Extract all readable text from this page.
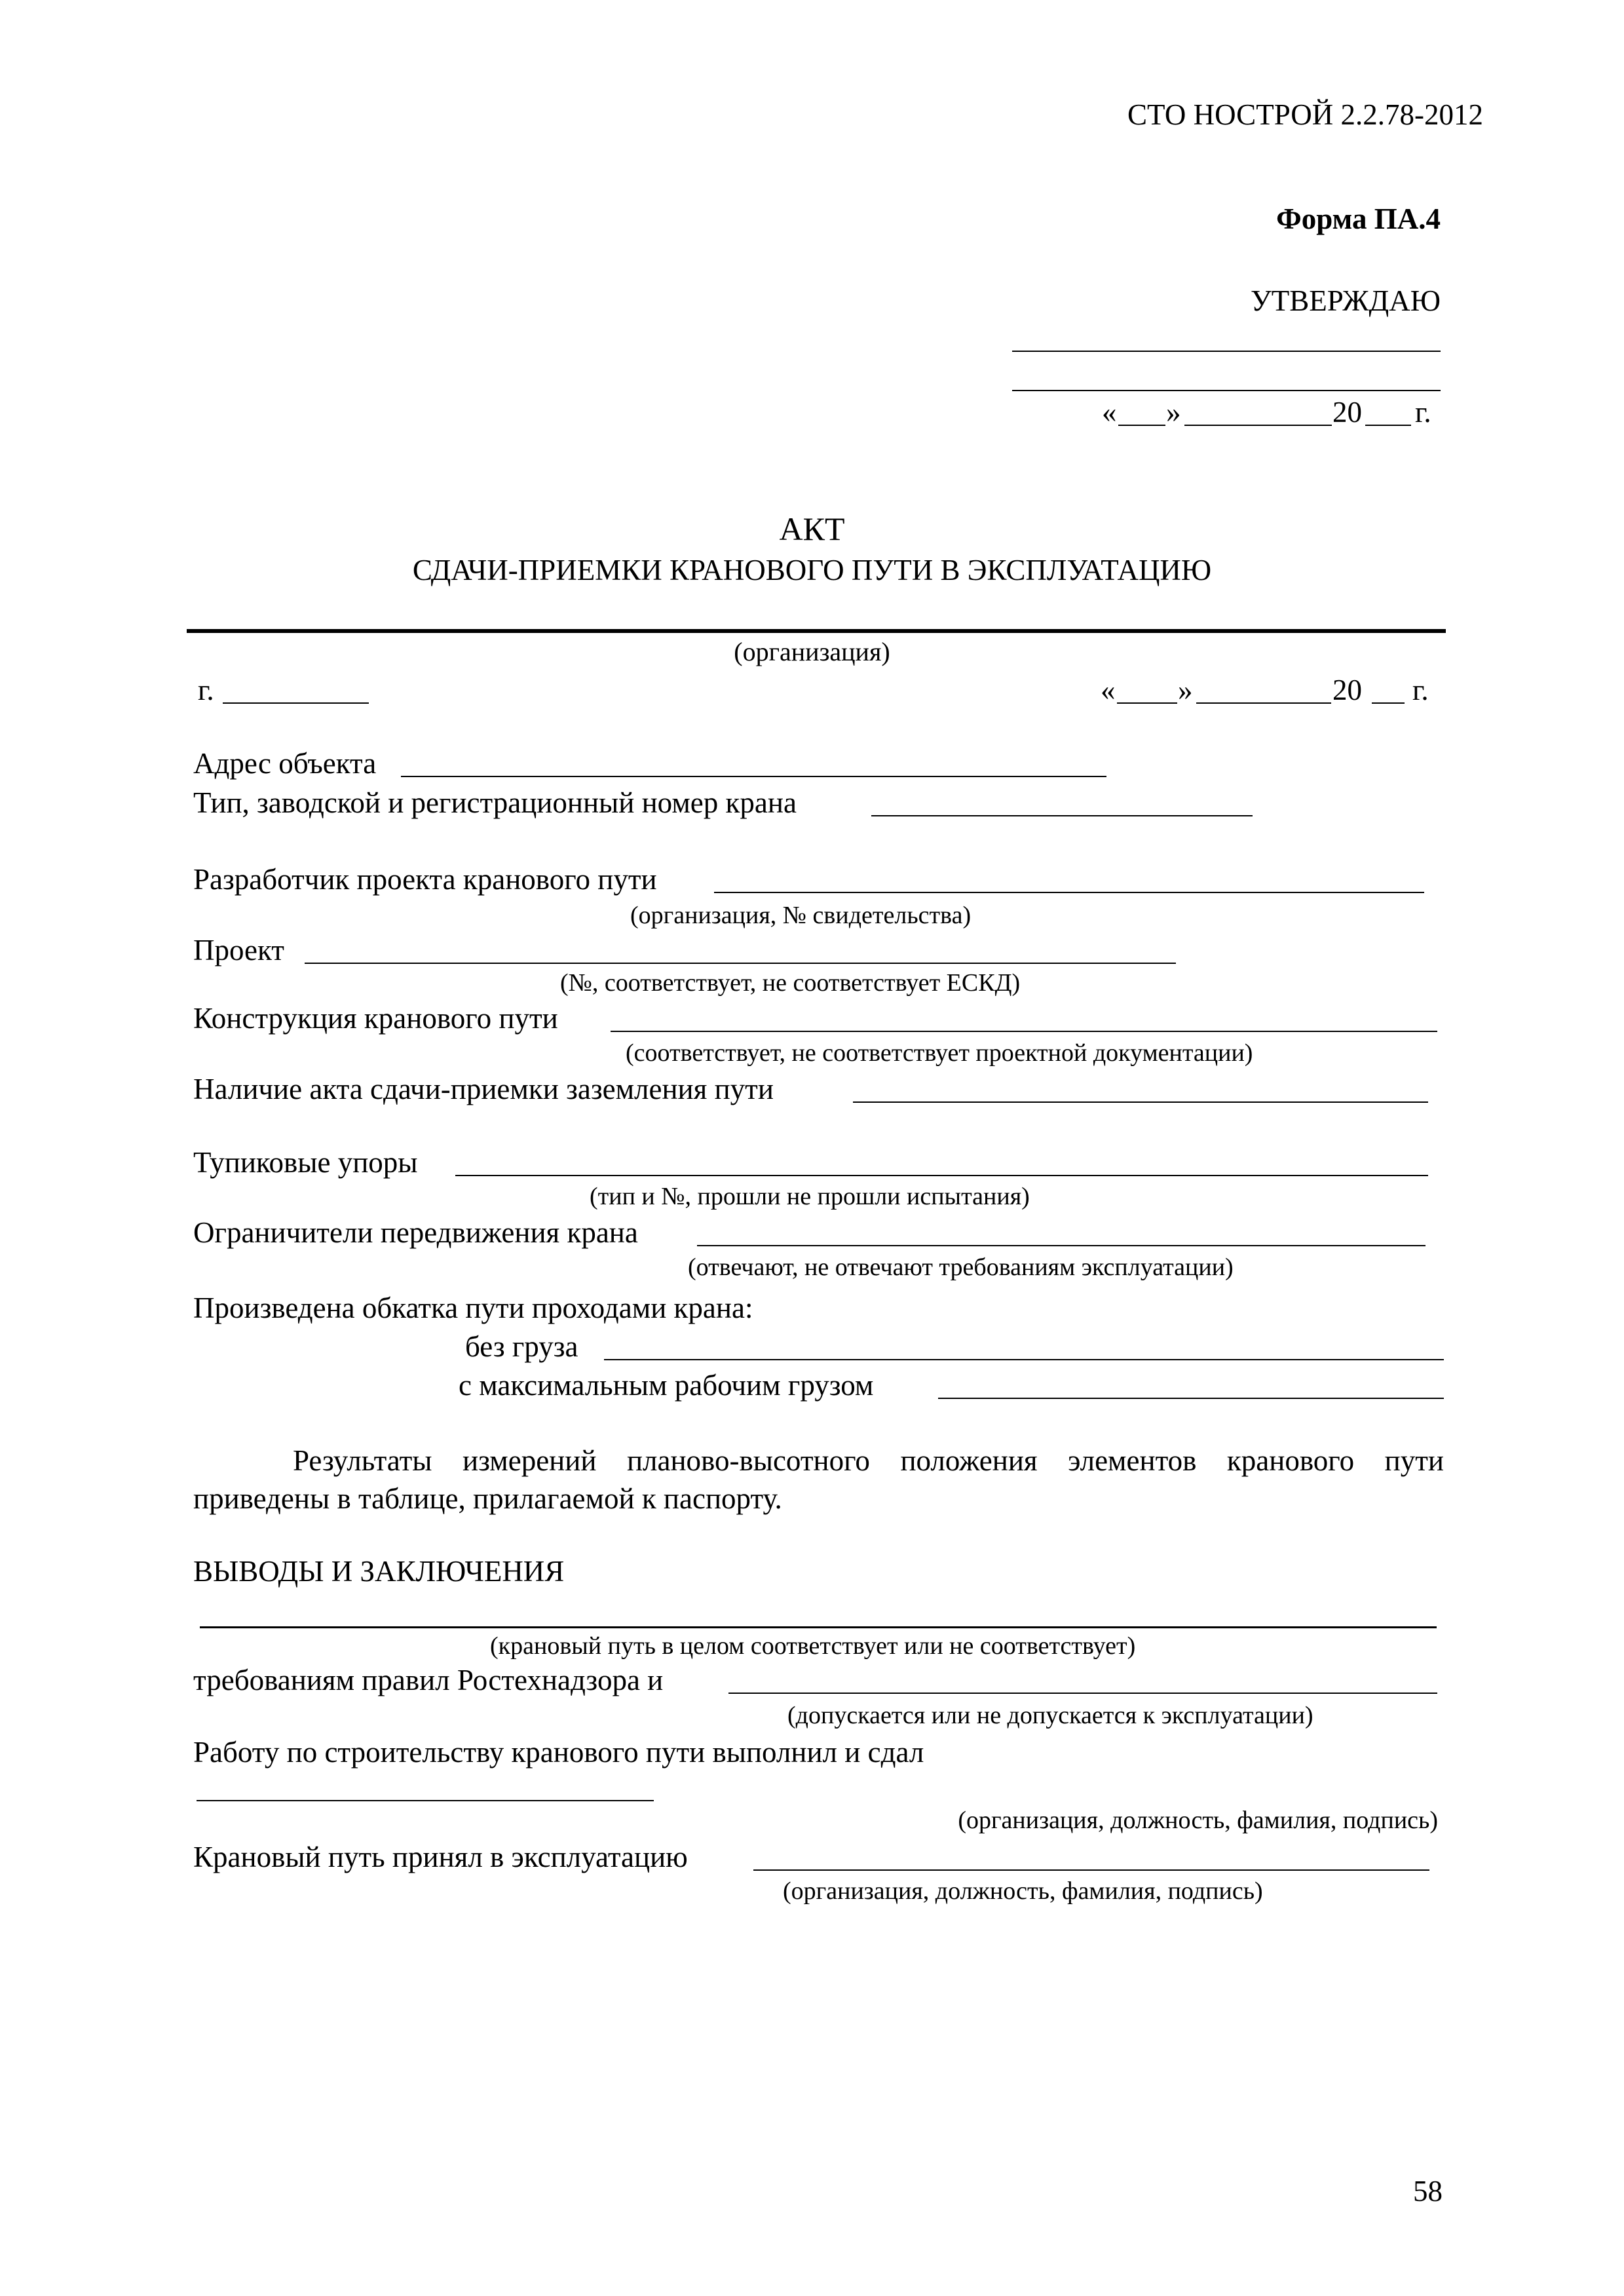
СТО НОСТРОЙ 2.2.78-2012
Форма ПА.4
УТВЕРЖДАЮ
« »	20 г.
АКТ
СДАЧИ-ПРИЕМКИ КРАНОВОГО ПУТИ В ЭКСПЛУАТАЦИЮ
(организация)
г.	« »	20 г.
Адрес объекта
Тип, заводской и регистрационный номер крана
Разработчик проекта кранового пути
(организация, № свидетельства)
Проект
(№, соответствует, не соответствует ЕСКД)
Конструкция кранового пути
(соответствует, не соответствует проектной документации)
Наличие акта сдачи-приемки заземления пути
Тупиковые упоры
(тип и №, прошли не прошли испытания)
Ограничители передвижения крана
(отвечают, не отвечают требованиям эксплуатации)
Произведена обкатка пути проходами крана:
без груза
с максимальным рабочим грузом
Результаты измерений планово-высотного положения элементов кранового пути
приведены в таблице, прилагаемой к паспорту.
ВЫВОДЫ И ЗАКЛЮЧЕНИЯ
(крановый путь в целом соответствует или не соответствует)
требованиям правил Ростехнадзора и
(допускается или не допускается к эксплуатации)
Работу по строительству кранового пути выполнил и сдал
(организация, должность, фамилия, подпись)
Крановый путь принял в эксплуатацию
(организация, должность, фамилия, подпись)
58
